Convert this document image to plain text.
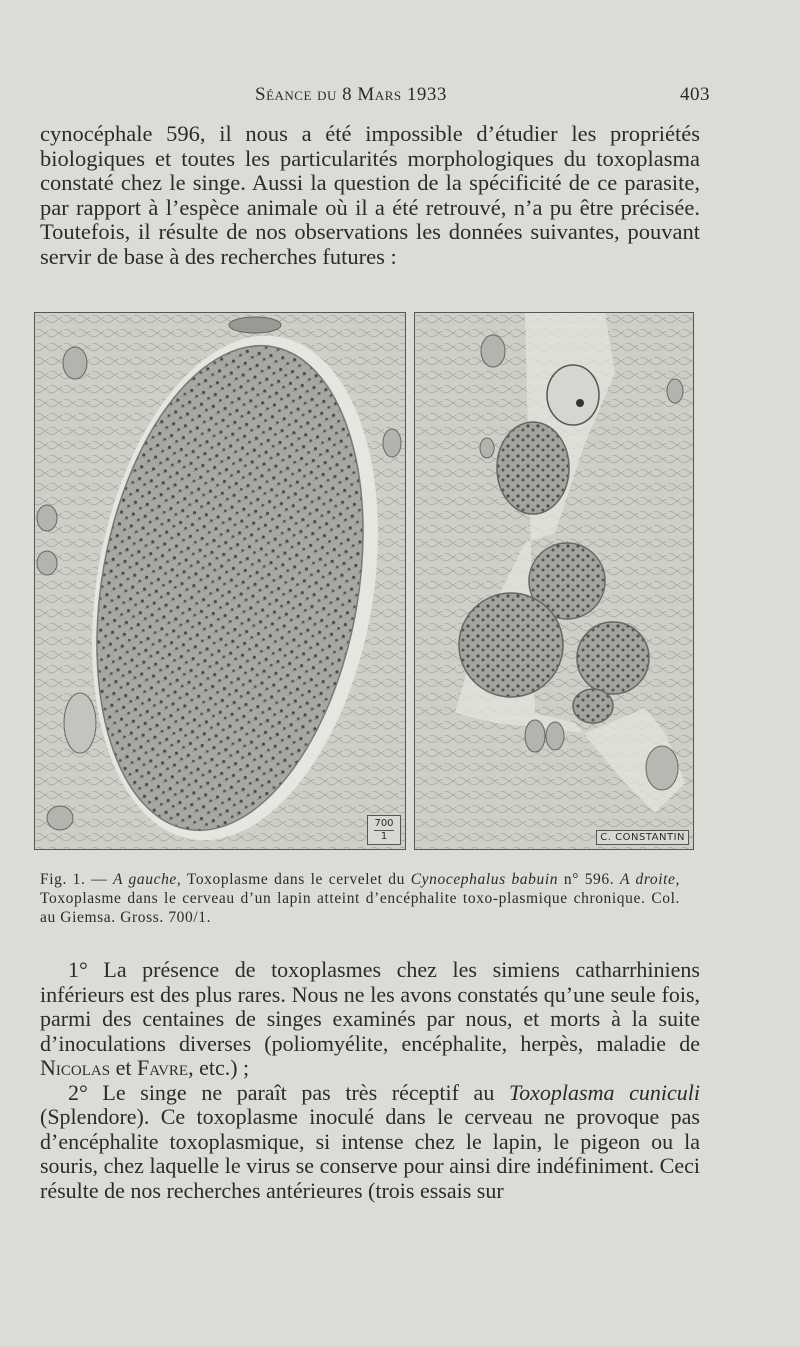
Séance du 8 Mars 1933	403

cynocéphale 596, il nous a été impossible d’étudier les propriétés biologiques et toutes les particularités morphologiques du toxoplasma constaté chez le singe. Aussi la question de la spécificité de ce parasite, par rapport à l’espèce animale où il a été retrouvé, n’a pu être précisée. Toutefois, il résulte de nos observations les données suivantes, pouvant servir de base à des recherches futures :

$\frac{700}{1}$	C. CONSTANTIN

Fig. 1. — A gauche, Toxoplasme dans le cervelet du Cynocephalus babuin n° 596. A droite, Toxoplasme dans le cerveau d’un lapin atteint d’encéphalite toxo-plasmique chronique. Col. au Giemsa. Gross. 700/1.

1° La présence de toxoplasmes chez les simiens catharrhiniens inférieurs est des plus rares. Nous ne les avons constatés qu’une seule fois, parmi des centaines de singes examinés par nous, et morts à la suite d’inoculations diverses (poliomyélite, encéphalite, herpès, maladie de Nicolas et Favre, etc.) ;

2° Le singe ne paraît pas très réceptif au Toxoplasma cuniculi (Splendore). Ce toxoplasme inoculé dans le cerveau ne provoque pas d’encéphalite toxoplasmique, si intense chez le lapin, le pigeon ou la souris, chez laquelle le virus se conserve pour ainsi dire indéfiniment. Ceci résulte de nos recherches antérieures (trois essais sur
